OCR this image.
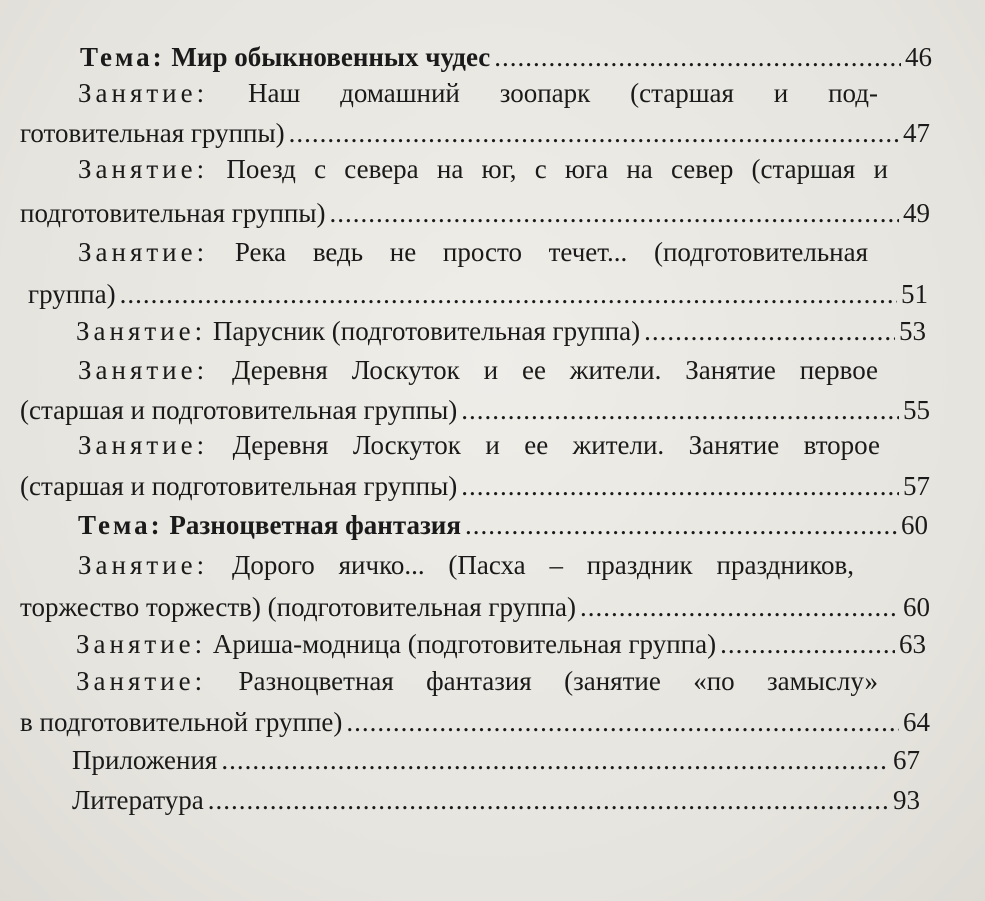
Тема: Мир обыкновенных чудес .....	46
Занятие: Наш домашний зоопарк (старшая и под-
готовительная группы) .....	47
Занятие: Поезд с севера на юг, с юга на север (старшая и
подготовительная группы) .....	49
Занятие: Река ведь не просто течет... (подготовительная
группа) .....	51
Занятие: Парусник (подготовительная группа) .....	53
Занятие: Деревня Лоскуток и ее жители. Занятие первое
(старшая и подготовительная группы) .....	55
Занятие: Деревня Лоскуток и ее жители. Занятие второе
(старшая и подготовительная группы) .....	57
Тема: Разноцветная фантазия .....	60
Занятие: Дорого яичко... (Пасха – праздник праздников,
торжество торжеств) (подготовительная группа) .....	60
Занятие: Ариша-модница (подготовительная группа) .....	63
Занятие: Разноцветная фантазия (занятие «по замыслу»
в подготовительной группе) .....	64
Приложения .....	67
Литература .....	93
